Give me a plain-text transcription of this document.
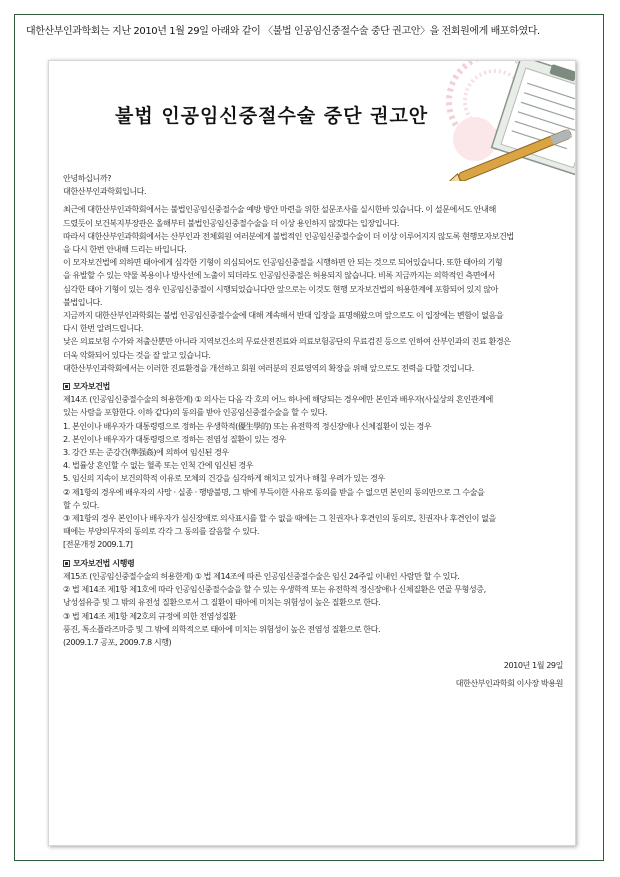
대한산부인과학회는 지난 2010년 1월 29일 아래와 같이 〈불법 인공임신중절수술 중단 권고안〉을 전회원에게 배포하였다.
불법 인공임신중절수술 중단 권고안

안녕하십니까?

대한산부인과학회입니다.

최근에 대한산부인과학회에서는 불법인공임신중절수술 예방 방안 마련을 위한 설문조사를 실시한바 있습니다. 이 설문에서도 안내해

드렸듯이 보건복지부장관은 올해부터 불법인공임신중절수술을 더 이상 용인하지 않겠다는 입장입니다.

따라서 대한산부인과학회에서는 산부인과 전체회원 여러분에게 불법적인 인공임신중절수술이 더 이상 이루어지지 않도록 현행모자보건법

을 다시 한번 안내해 드리는 바입니다.

이 모자보건법에 의하면 태아에게 심각한 기형이 의심되어도 인공임신중절을 시행하면 안 되는 것으로 되어있습니다. 또한 태아의 기형

을 유발할 수 있는 약물 복용이나 방사선에 노출이 되더라도 인공임신중절은 허용되지 않습니다. 비록 지금까지는 의학적인 측면에서

심각한 태아 기형이 있는 경우 인공임신중절이 시행되었습니다만 앞으로는 이것도 현행 모자보건법의 허용한계에 포함되어 있지 않아

불법입니다.

지금까지 대한산부인과학회는 불법 인공임신중절수술에 대해 계속해서 반대 입장을 표명해왔으며 앞으로도 이 입장에는 변함이 없음을

다시 한번 알려드립니다.

낮은 의료보험 수가와 저출산뿐만 아니라 지역보건소의 무료산전진료와 의료보험공단의 무료검진 등으로 인하여 산부인과의 진료 환경은

더욱 악화되어 있다는 것을 잘 알고 있습니다.

대한산부인과학회에서는 이러한 진료환경을 개선하고 회원 여러분의 진료영역의 확장을 위해 앞으로도 전력을 다할 것입니다.

모자보건법

제14조 (인공임신중절수술의 허용한계) ① 의사는 다음 각 호의 어느 하나에 해당되는 경우에만 본인과 배우자(사실상의 혼인관계에

있는 사람을 포함한다. 이하 같다)의 동의를 받아 인공임신중절수술을 할 수 있다.

1. 본인이나 배우자가 대통령령으로 정하는 우생학적(優生學的) 또는 유전학적 정신장애나 신체질환이 있는 경우

2. 본인이나 배우자가 대통령령으로 정하는 전염성 질환이 있는 경우

3. 강간 또는 준강간(準强姦)에 의하여 임신된 경우

4. 법률상 혼인할 수 없는 혈족 또는 인척 간에 임신된 경우

5. 임신의 지속이 보건의학적 이유로 모체의 건강을 심각하게 해치고 있거나 해칠 우려가 있는 경우

② 제1항의 경우에 배우자의 사망 · 실종 · 행방불명, 그 밖에 부득이한 사유로 동의를 받을 수 없으면 본인의 동의만으로 그 수술을

할 수 있다.

③ 제1항의 경우 본인이나 배우자가 심신장애로 의사표시를 할 수 없을 때에는 그 친권자나 후견인의 동의로, 친권자나 후견인이 없을

때에는 부양의무자의 동의로 각각 그 동의를 갈음할 수 있다.

[전문개정 2009.1.7]

모자보건법 시행령

제15조 (인공임신중절수술의 허용한계) ① 법 제14조에 따른 인공임신중절수술은 임신 24주일 이내인 사람만 할 수 있다.

② 법 제14조 제1항 제1호에 따라 인공임신중절수술을 할 수 있는 우생학적 또는 유전학적 정신장애나 신체질환은 연골 무형성증,

낭성섬유증 및 그 밖의 유전성 질환으로서 그 질환이 태아에 미치는 위험성이 높은 질환으로 한다.

③ 법 제14조 제1항 제2호의 규정에 의한 전염성질환

풍진, 톡소플라즈마증 및 그 밖에 의학적으로 태아에 미치는 위험성이 높은 전염성 질환으로 한다.

(2009.1.7 공포, 2009.7.8 시행)

2010년 1월 29일

대한산부인과학회 이사장 박용원
